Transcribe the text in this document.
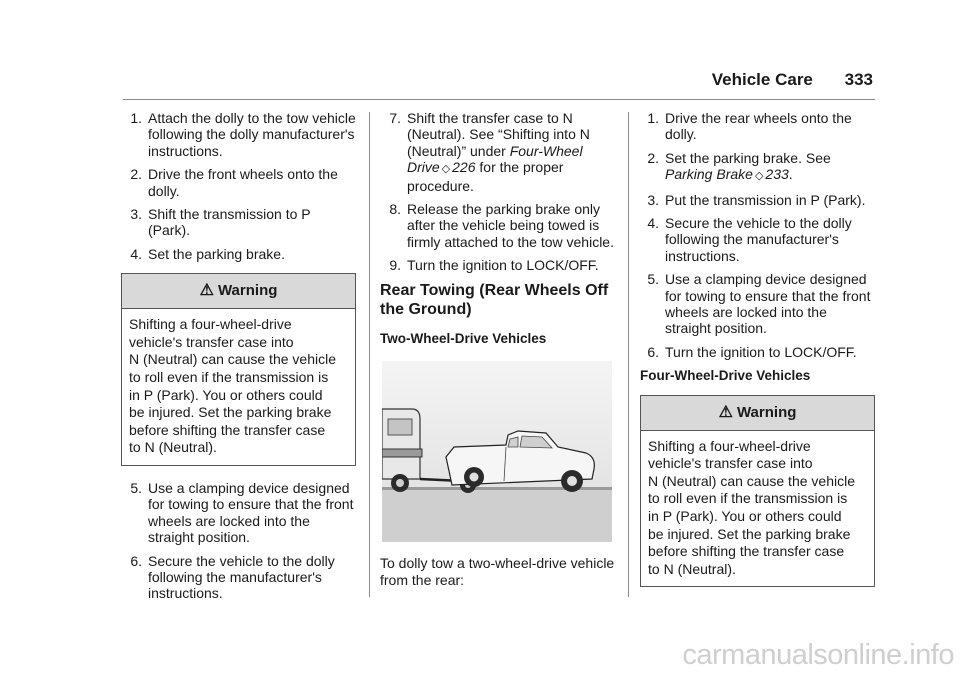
Vehicle Care 333
1. Attach the dolly to the tow vehicle following the dolly manufacturer's instructions.
2. Drive the front wheels onto the dolly.
3. Shift the transmission to P (Park).
4. Set the parking brake.
⚠ Warning
Shifting a four-wheel-drive
vehicle's transfer case into
N (Neutral) can cause the vehicle
to roll even if the transmission is
in P (Park). You or others could
be injured. Set the parking brake
before shifting the transfer case
to N (Neutral).
5. Use a clamping device designed for towing to ensure that the front wheels are locked into the straight position.
6. Secure the vehicle to the dolly following the manufacturer's instructions.
7. Shift the transfer case to N (Neutral). See “Shifting into N (Neutral)” under Four-Wheel Drive ◇ 226 for the proper procedure.
8. Release the parking brake only after the vehicle being towed is firmly attached to the tow vehicle.
9. Turn the ignition to LOCK/OFF.
Rear Towing (Rear Wheels Off the Ground)
Two-Wheel-Drive Vehicles
To dolly tow a two-wheel-drive vehicle from the rear:
1. Drive the rear wheels onto the dolly.
2. Set the parking brake. See Parking Brake ◇ 233.
3. Put the transmission in P (Park).
4. Secure the vehicle to the dolly following the manufacturer's instructions.
5. Use a clamping device designed for towing to ensure that the front wheels are locked into the straight position.
6. Turn the ignition to LOCK/OFF.
Four-Wheel-Drive Vehicles
⚠ Warning
Shifting a four-wheel-drive
vehicle's transfer case into
N (Neutral) can cause the vehicle
to roll even if the transmission is
in P (Park). You or others could
be injured. Set the parking brake
before shifting the transfer case
to N (Neutral).
carmanualsonline.info
